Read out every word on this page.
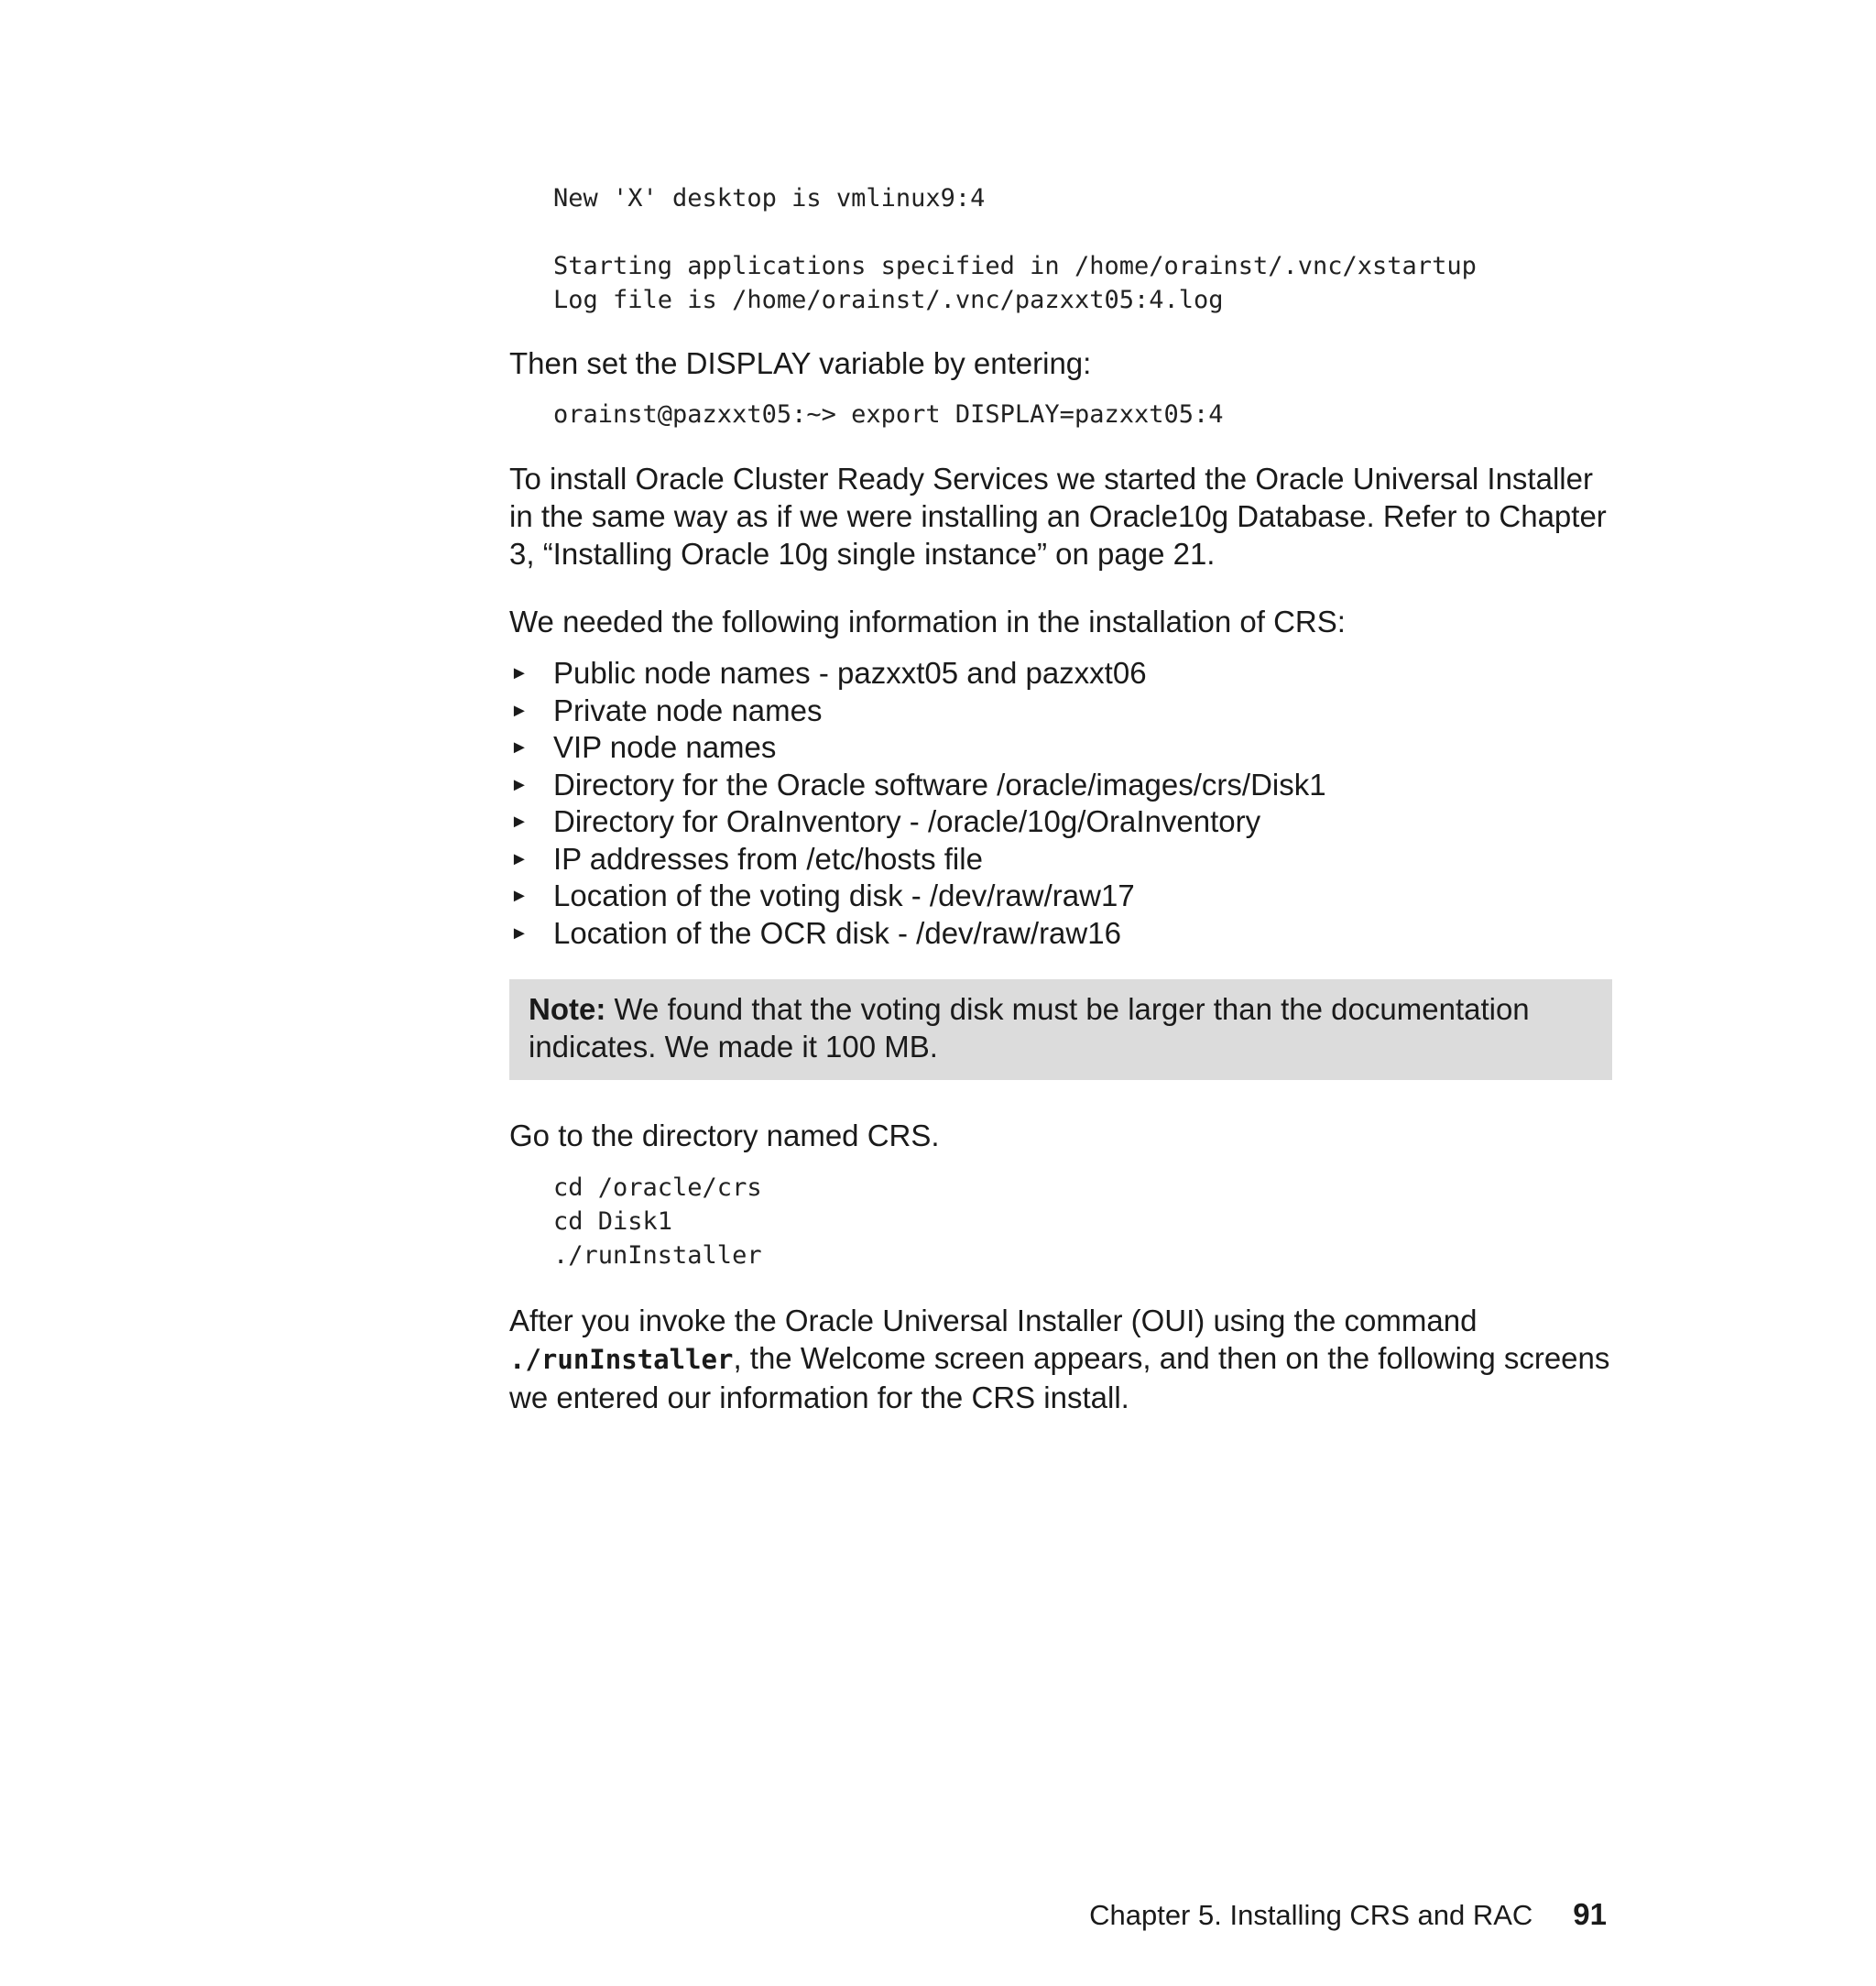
New 'X' desktop is vmlinux9:4

Starting applications specified in /home/orainst/.vnc/xstartup
Log file is /home/orainst/.vnc/pazxxt05:4.log

Then set the DISPLAY variable by entering:

orainst@pazxxt05:~> export DISPLAY=pazxxt05:4

To install Oracle Cluster Ready Services we started the Oracle Universal Installer in the same way as if we were installing an Oracle10g Database. Refer to Chapter 3, “Installing Oracle 10g single instance” on page 21.

We needed the following information in the installation of CRS:

► Public node names - pazxxt05 and pazxxt06
► Private node names
► VIP node names
► Directory for the Oracle software /oracle/images/crs/Disk1
► Directory for OraInventory - /oracle/10g/OraInventory
► IP addresses from /etc/hosts file
► Location of the voting disk - /dev/raw/raw17
► Location of the OCR disk - /dev/raw/raw16
Note: We found that the voting disk must be larger than the documentation indicates. We made it 100 MB.

Go to the directory named CRS.

cd /oracle/crs
cd Disk1
./runInstaller

After you invoke the Oracle Universal Installer (OUI) using the command ./runInstaller, the Welcome screen appears, and then on the following screens we entered our information for the CRS install.

Chapter 5. Installing CRS and RAC 91
